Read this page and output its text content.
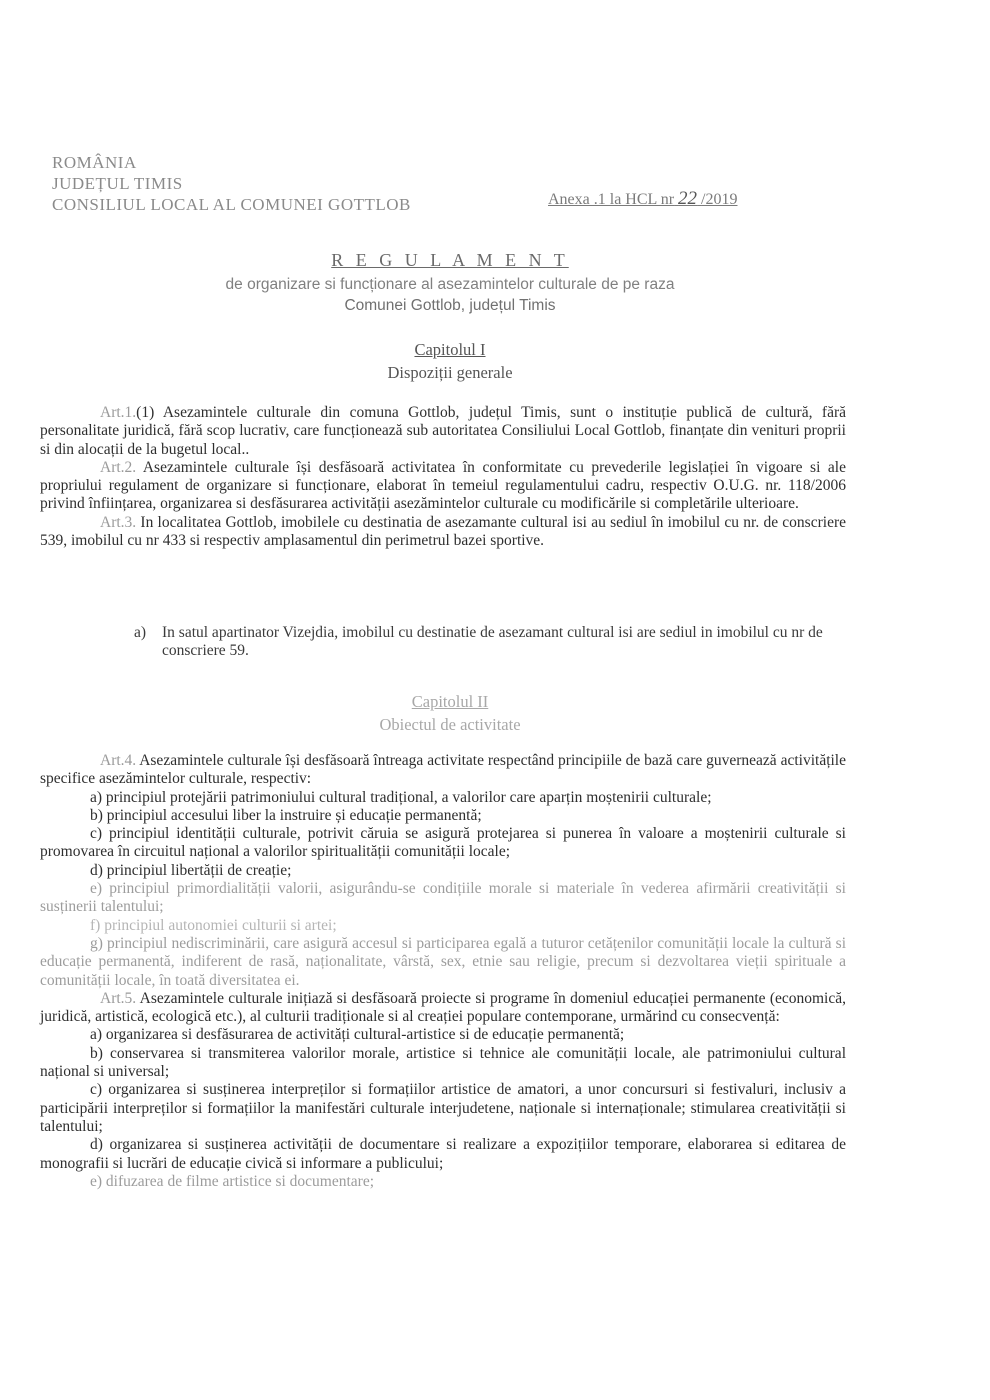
ROMÂNIA
JUDEȚUL TIMIS
CONSILIUL LOCAL AL COMUNEI GOTTLOB	Anexa .1 la HCL nr 22 /2019
R E G U L A M E N T
de organizare si funcționare al asezamintelor culturale de pe raza
Comunei Gottlob, județul Timis
Capitolul I
Dispoziții generale

Art.1.(1) Asezamintele culturale din comuna Gottlob, județul Timis, sunt o instituție publică de cultură, fără personalitate juridică, fără scop lucrativ, care funcționează sub autoritatea Consiliului Local Gottlob, finanțate din venituri proprii si din alocații de la bugetul local..

Art.2. Asezamintele culturale își desfăsoară activitatea în conformitate cu prevederile legislației în vigoare si ale propriului regulament de organizare si funcționare, elaborat în temeiul regulamentului cadru, respectiv O.U.G. nr. 118/2006 privind înființarea, organizarea si desfăsurarea activității asezămintelor culturale cu modificările si completările ulterioare.

Art.3. In localitatea Gottlob, imobilele cu destinatia de asezamante cultural isi au sediul în imobilul cu nr. de conscriere 539, imobilul cu nr 433 si respectiv amplasamentul din perimetrul bazei sportive.

a) In satul apartinator Vizejdia, imobilul cu destinatie de asezamant cultural isi are sediul in imobilul cu nr de conscriere 59.
Capitolul II
Obiectul de activitate

Art.4. Asezamintele culturale își desfăsoară întreaga activitate respectând principiile de bază care guvernează activitățile specifice asezămintelor culturale, respectiv:

a) principiul protejării patrimoniului cultural tradițional, a valorilor care aparțin moștenirii culturale;

b) principiul accesului liber la instruire și educație permanentă;

c) principiul identității culturale, potrivit căruia se asigură protejarea si punerea în valoare a moștenirii culturale si promovarea în circuitul național a valorilor spiritualității comunității locale;

d) principiul libertății de creație;

e) principiul primordialității valorii, asigurându-se condițiile morale si materiale în vederea afirmării creativității si susținerii talentului;

f) principiul autonomiei culturii si artei;

g) principiul nediscriminării, care asigură accesul si participarea egală a tuturor cetățenilor comunității locale la cultură si educație permanentă, indiferent de rasă, naționalitate, vârstă, sex, etnie sau religie, precum si dezvoltarea vieții spirituale a comunității locale, în toată diversitatea ei.

Art.5. Asezamintele culturale inițiază si desfăsoară proiecte si programe în domeniul educației permanente (economică, juridică, artistică, ecologică etc.), al culturii tradiționale si al creației populare contemporane, urmărind cu consecvență:

a) organizarea si desfăsurarea de activități cultural-artistice si de educație permanentă;

b) conservarea si transmiterea valorilor morale, artistice si tehnice ale comunității locale, ale patrimoniului cultural național si universal;

c) organizarea si susținerea interpreților si formațiilor artistice de amatori, a unor concursuri si festivaluri, inclusiv a participării interpreților si formațiilor la manifestări culturale interjudetene, naționale si internaționale; stimularea creativității si talentului;

d) organizarea si susținerea activității de documentare si realizare a expozițiilor temporare, elaborarea si editarea de monografii si lucrări de educație civică si informare a publicului;

e) difuzarea de filme artistice si documentare;
